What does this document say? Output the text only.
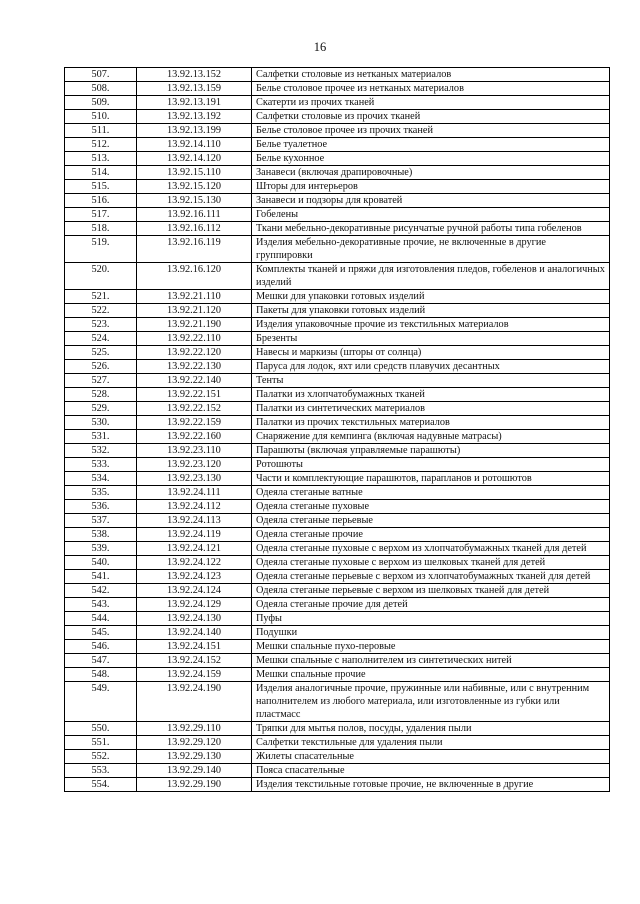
16
507.	13.92.13.152	Салфетки столовые из нетканых материалов
508.	13.92.13.159	Белье столовое прочее из нетканых материалов
509.	13.92.13.191	Скатерти из прочих тканей
510.	13.92.13.192	Салфетки столовые из прочих тканей
511.	13.92.13.199	Белье столовое прочее из прочих тканей
512.	13.92.14.110	Белье туалетное
513.	13.92.14.120	Белье кухонное
514.	13.92.15.110	Занавеси (включая драпировочные)
515.	13.92.15.120	Шторы для интерьеров
516.	13.92.15.130	Занавеси и подзоры для кроватей
517.	13.92.16.111	Гобелены
518.	13.92.16.112	Ткани мебельно-декоративные рисунчатые ручной работы типа гобеленов
519.	13.92.16.119	Изделия мебельно-декоративные прочие, не включенные в другие группировки
520.	13.92.16.120	Комплекты тканей и пряжи для изготовления пледов, гобеленов и аналогичных изделий
521.	13.92.21.110	Мешки для упаковки готовых изделий
522.	13.92.21.120	Пакеты для упаковки готовых изделий
523.	13.92.21.190	Изделия упаковочные прочие из текстильных материалов
524.	13.92.22.110	Брезенты
525.	13.92.22.120	Навесы и маркизы (шторы от солнца)
526.	13.92.22.130	Паруса для лодок, яхт или средств плавучих десантных
527.	13.92.22.140	Тенты
528.	13.92.22.151	Палатки из хлопчатобумажных тканей
529.	13.92.22.152	Палатки из синтетических материалов
530.	13.92.22.159	Палатки из прочих текстильных материалов
531.	13.92.22.160	Снаряжение для кемпинга (включая надувные матрасы)
532.	13.92.23.110	Парашюты (включая управляемые парашюты)
533.	13.92.23.120	Ротошюты
534.	13.92.23.130	Части и комплектующие парашютов, парапланов и ротошютов
535.	13.92.24.111	Одеяла стеганые ватные
536.	13.92.24.112	Одеяла стеганые пуховые
537.	13.92.24.113	Одеяла стеганые перьевые
538.	13.92.24.119	Одеяла стеганые прочие
539.	13.92.24.121	Одеяла стеганые пуховые с верхом из хлопчатобумажных тканей для детей
540.	13.92.24.122	Одеяла стеганые пуховые с верхом из шелковых тканей для детей
541.	13.92.24.123	Одеяла стеганые перьевые с верхом из хлопчатобумажных тканей для детей
542.	13.92.24.124	Одеяла стеганые перьевые с верхом из шелковых тканей для детей
543.	13.92.24.129	Одеяла стеганые прочие для детей
544.	13.92.24.130	Пуфы
545.	13.92.24.140	Подушки
546.	13.92.24.151	Мешки спальные пухо-перовые
547.	13.92.24.152	Мешки спальные с наполнителем из синтетических нитей
548.	13.92.24.159	Мешки спальные прочие
549.	13.92.24.190	Изделия аналогичные прочие, пружинные или набивные, или с внутренним наполнителем из любого материала, или изготовленные из губки или пластмасс
550.	13.92.29.110	Тряпки для мытья полов, посуды, удаления пыли
551.	13.92.29.120	Салфетки текстильные для удаления пыли
552.	13.92.29.130	Жилеты спасательные
553.	13.92.29.140	Пояса спасательные
554.	13.92.29.190	Изделия текстильные готовые прочие, не включенные в другие
